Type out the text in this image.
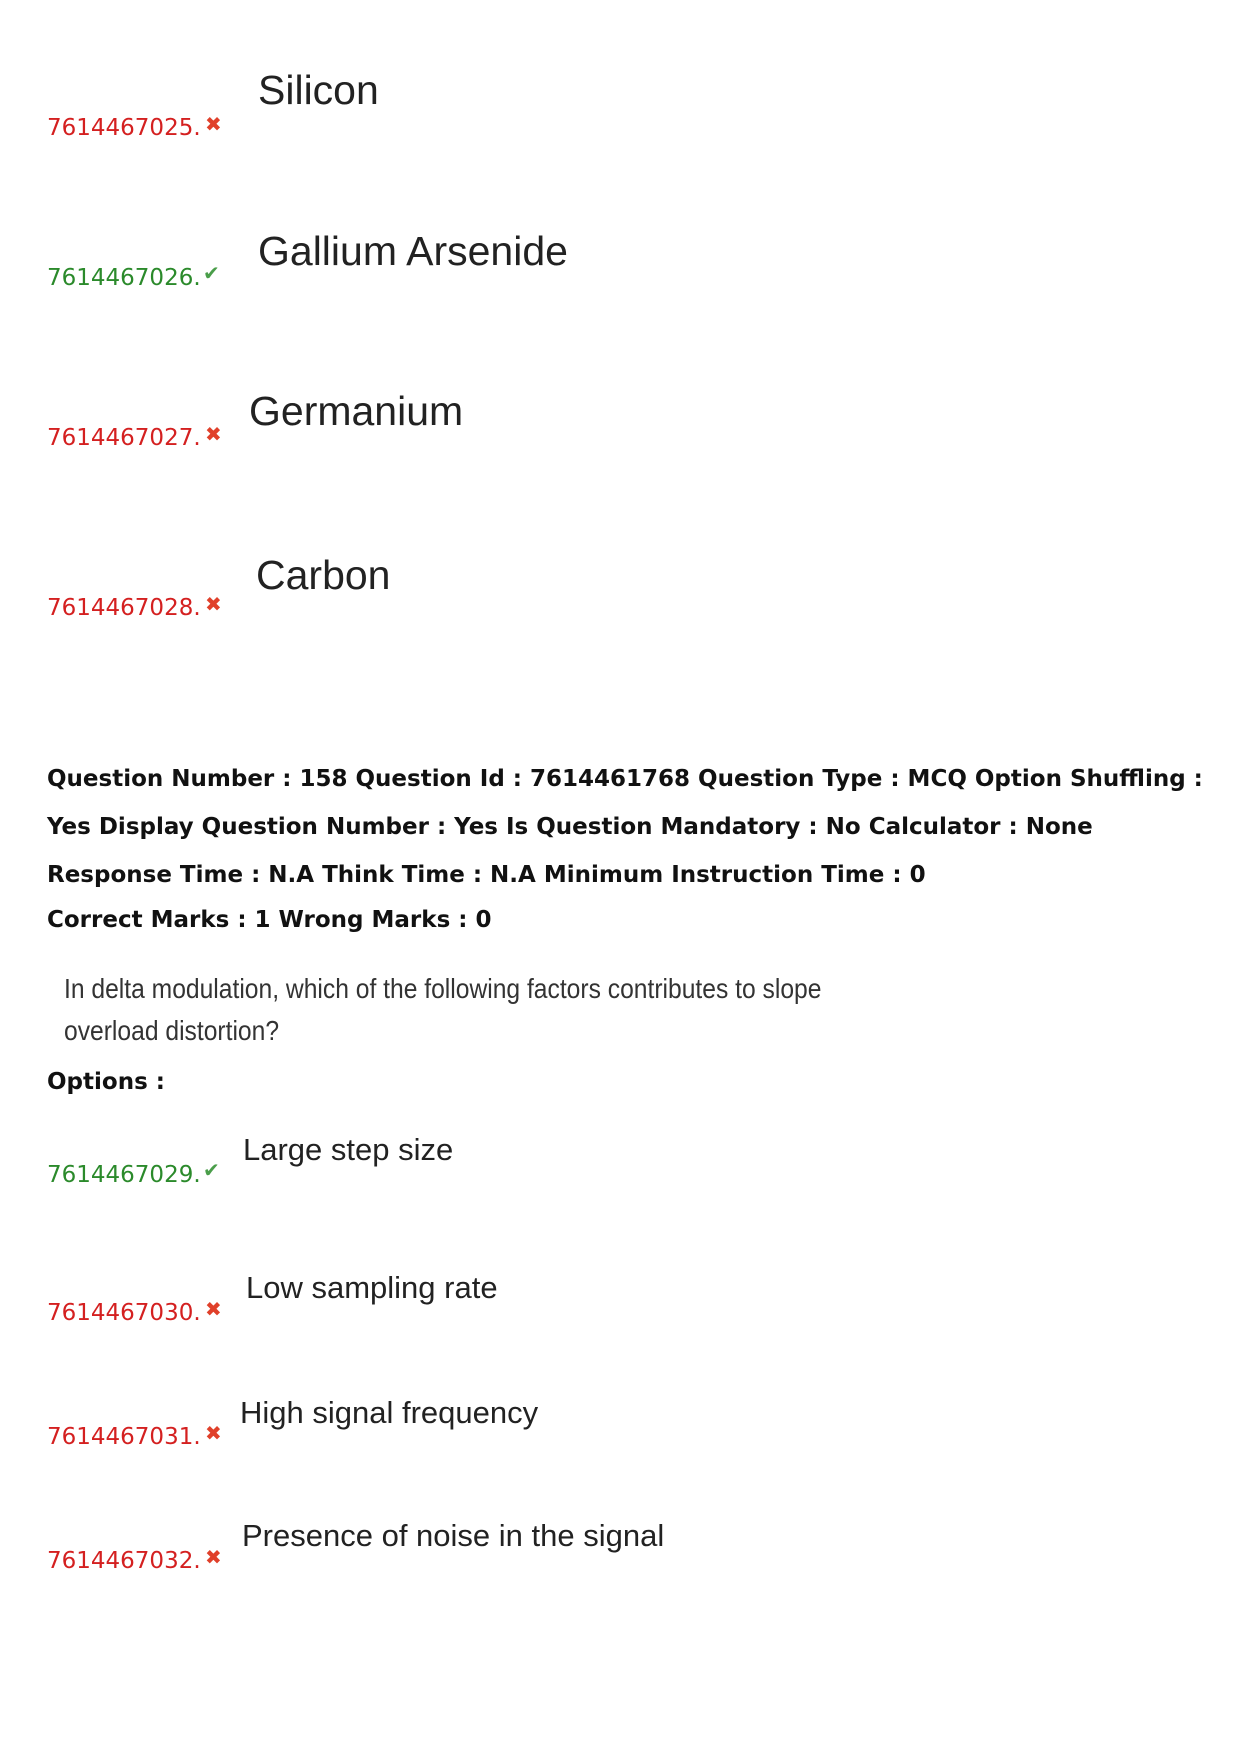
7614467025. ✖
Silicon
7614467026. ✔ Gallium Arsenide
7614467027. ✖ Germanium
7614467028. ✖
Carbon
Question Number : 158 Question Id : 7614461768 Question Type : MCQ Option Shuffling : Yes Display Question Number : Yes Is Question Mandatory : No Calculator : None Response Time : N.A Think Time : N.A Minimum Instruction Time : 0
Correct Marks : 1 Wrong Marks : 0
In delta modulation, which of the following factors contributes to slope overload distortion?
Options :
7614467029. ✔
Large step size
7614467030. ✖
Low sampling rate
7614467031. ✖
High signal frequency
7614467032. ✖
Presence of noise in the signal
